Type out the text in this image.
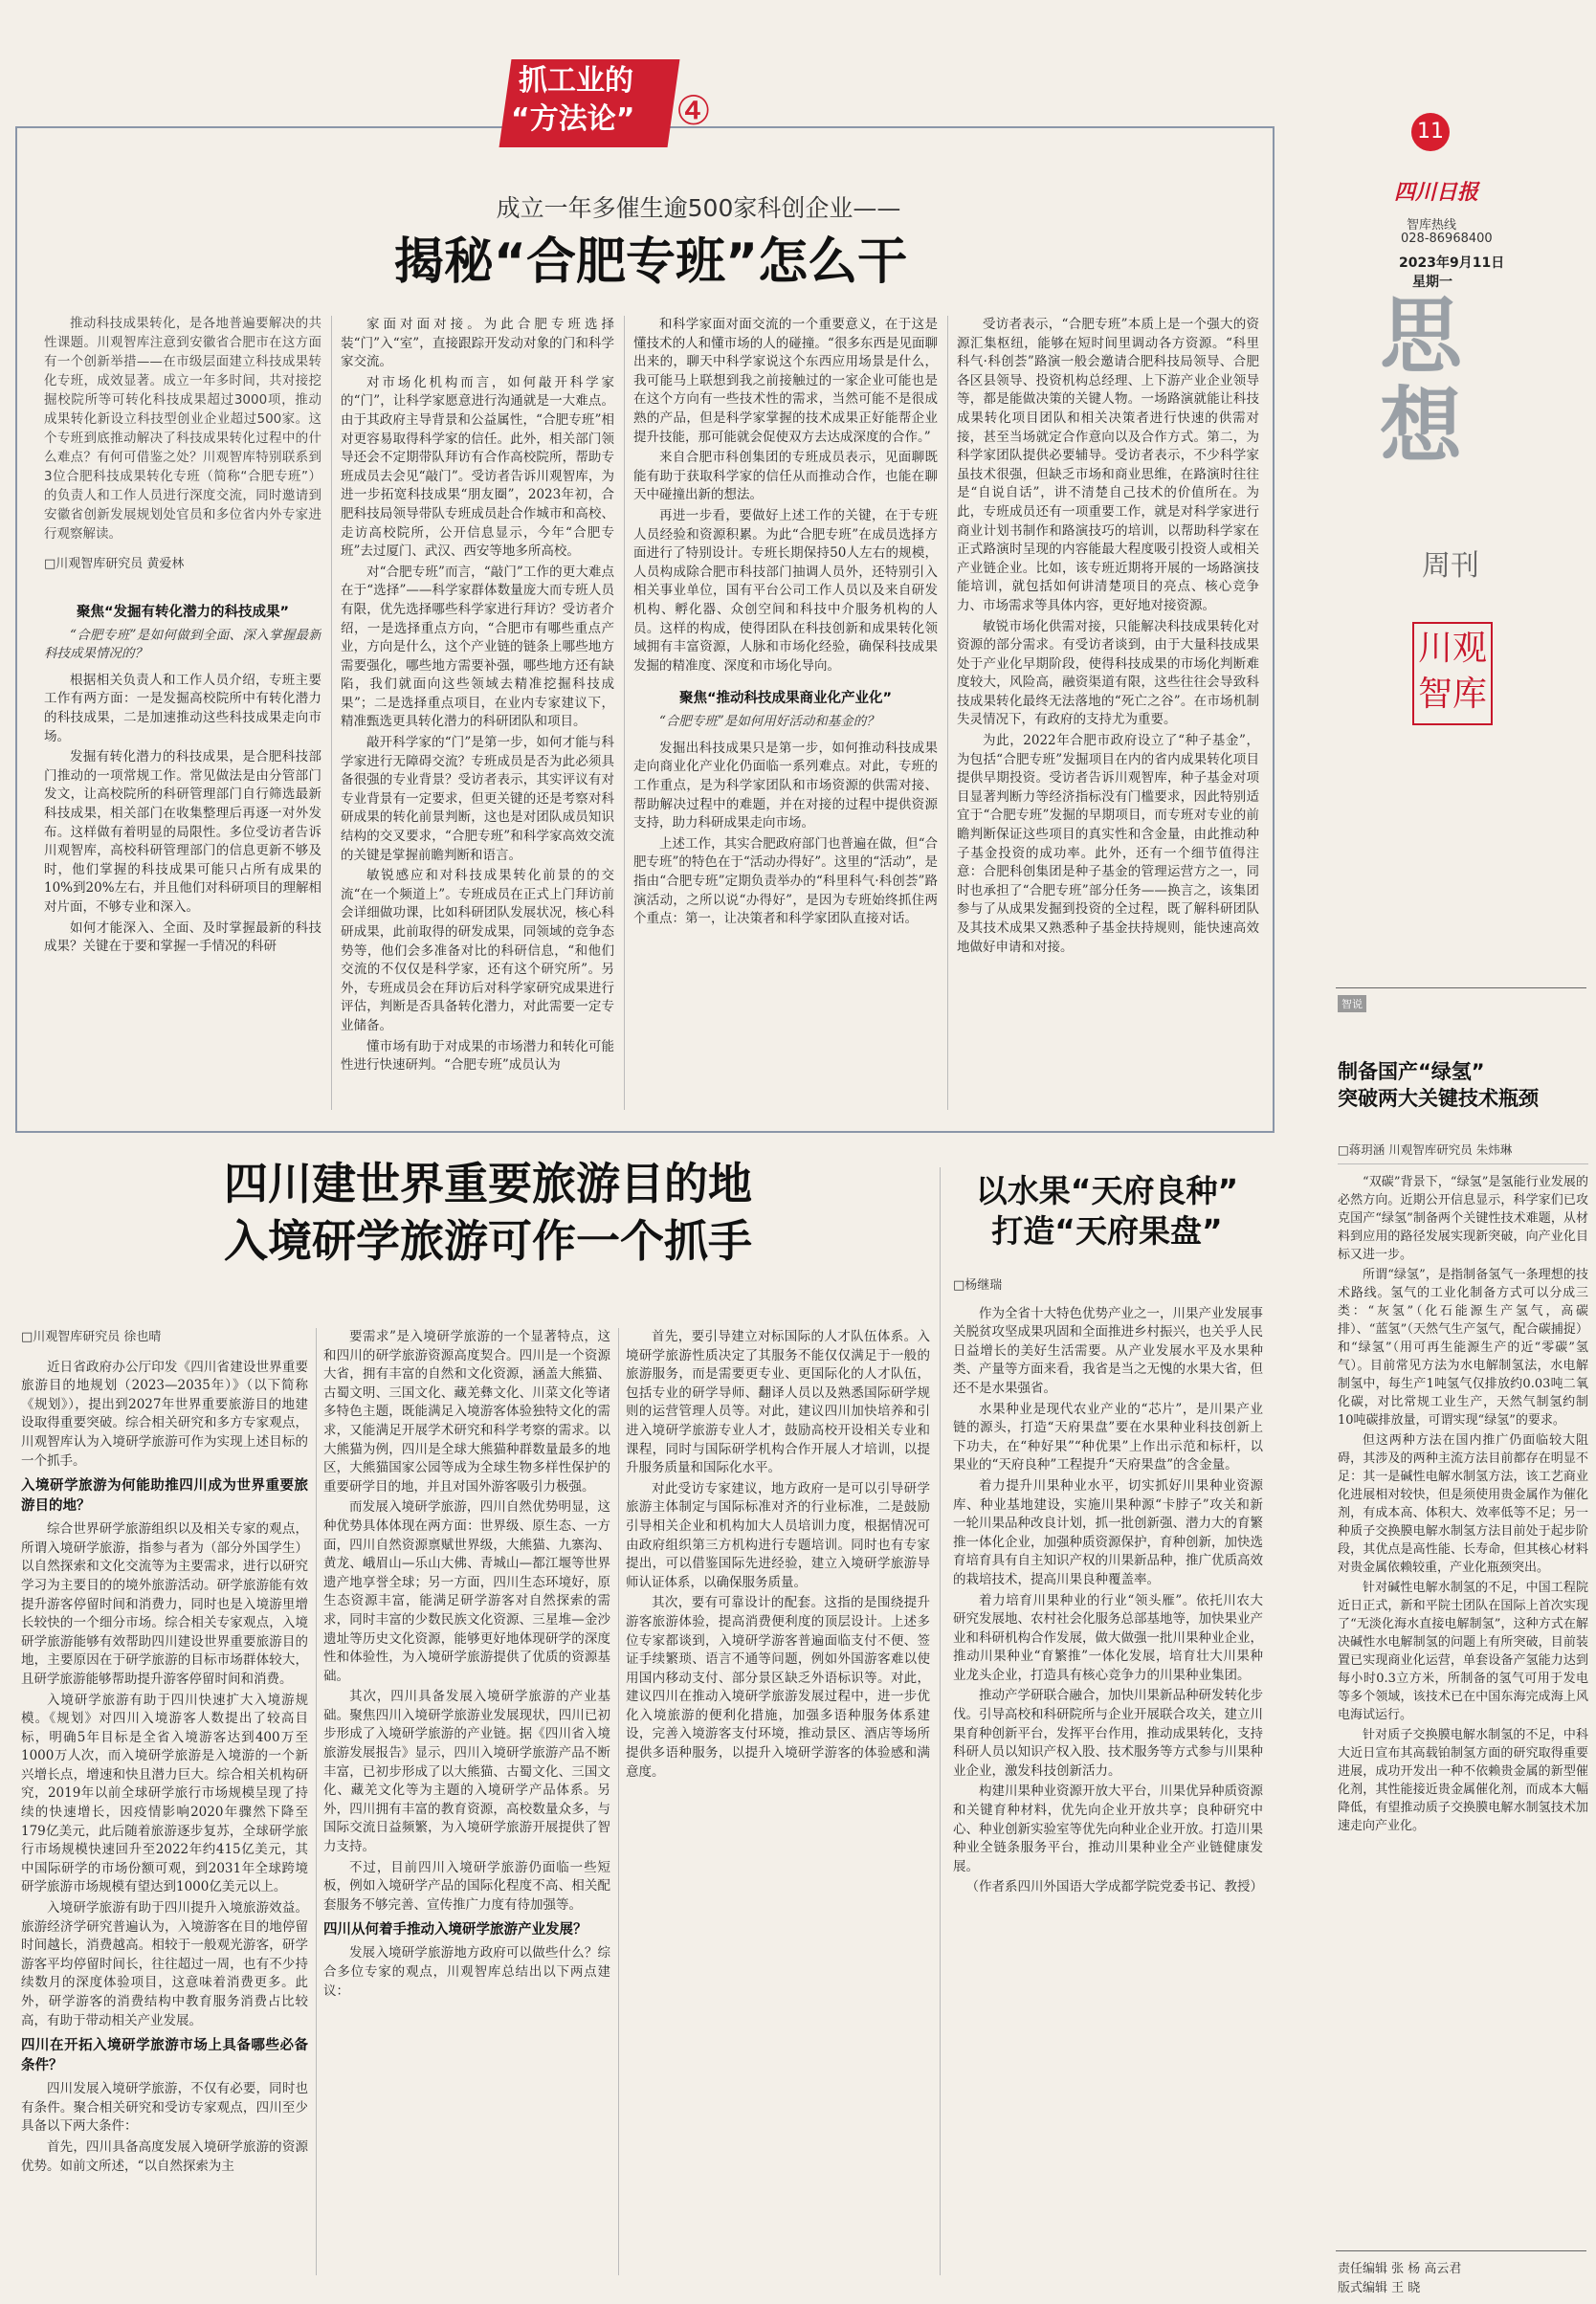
抓工业的
“方法论” ④	11
四川日报
智库热线
028-86968400
2023年9月11日
星期一
思
想
周刊
川观
智库
成立一年多催生逾500家科创企业——
揭秘“合肥专班”怎么干
推动科技成果转化，是各地普遍要解决的共性课题。川观智库注意到安徽省合肥市在这方面有一个创新举措——在市级层面建立科技成果转化专班，成效显著。成立一年多时间，共对接挖掘校院所等可转化科技成果超过3000项，推动成果转化新设立科技型创业企业超过500家。这个专班到底推动解决了科技成果转化过程中的什么难点？有何可借鉴之处？川观智库特别联系到3位合肥科技成果转化专班（简称“合肥专班”）的负责人和工作人员进行深度交流，同时邀请到安徽省创新发展规划处官员和多位省内外专家进行观察解读。
□川观智库研究员 黄爱林
聚焦“发掘有转化潜力的科技成果”
“合肥专班”是如何做到全面、深入掌握最新科技成果情况的？

根据相关负责人和工作人员介绍，专班主要工作有两方面：一是发掘高校院所中有转化潜力的科技成果，二是加速推动这些科技成果走向市场。

发掘有转化潜力的科技成果，是合肥科技部门推动的一项常规工作。常见做法是由分管部门发文，让高校院所的科研管理部门自行筛选最新科技成果，相关部门在收集整理后再逐一对外发布。这样做有着明显的局限性。多位受访者告诉川观智库，高校科研管理部门的信息更新不够及时，他们掌握的科技成果可能只占所有成果的10%到20%左右，并且他们对科研项目的理解相对片面，不够专业和深入。

如何才能深入、全面、及时掌握最新的科技成果？关键在于要和掌握一手情况的科研

家面对面对接。为此合肥专班选择装“门”入“室”，直接跟踪开发动对象的门和科学家交流。

对市场化机构而言，如何敲开科学家的“门”，让科学家愿意进行沟通就是一大难点。由于其政府主导背景和公益属性，“合肥专班”相对更容易取得科学家的信任。此外，相关部门领导还会不定期带队拜访有合作高校院所，帮助专班成员去会见“敲门”。受访者告诉川观智库，为进一步拓宽科技成果“朋友圈”，2023年初，合肥科技局领导带队专班成员赴合作城市和高校、走访高校院所，公开信息显示，今年“合肥专班”去过厦门、武汉、西安等地多所高校。

对“合肥专班”而言，“敲门”工作的更大难点在于“选择”——科学家群体数量庞大而专班人员有限，优先选择哪些科学家进行拜访？受访者介绍，一是选择重点方向，“合肥市有哪些重点产业，方向是什么，这个产业链的链条上哪些地方需要强化，哪些地方需要补强，哪些地方还有缺陷，我们就面向这些领域去精准挖掘科技成果”；二是选择重点项目，在业内专家建议下，精准甄选更具转化潜力的科研团队和项目。

敲开科学家的“门”是第一步，如何才能与科学家进行无障碍交流？专班成员是否为此必须具备很强的专业背景？受访者表示，其实评议有对专业背景有一定要求，但更关键的还是考察对科研成果的转化前景判断，这也是对团队成员知识结构的交叉要求，“合肥专班”和科学家高效交流的关键是掌握前瞻判断和语言。

敏锐感应和对科技成果转化前景的的交流“在一个频道上”。专班成员在正式上门拜访前会详细做功课，比如科研团队发展状况，核心科研成果，此前取得的研发成果，同领域的竞争态势等，他们会多准备对比的科研信息，“和他们交流的不仅仅是科学家，还有这个研究所”。另外，专班成员会在拜访后对科学家研究成果进行评估，判断是否具备转化潜力，对此需要一定专业储备。

懂市场有助于对成果的市场潜力和转化可能性进行快速研判。“合肥专班”成员认为

和科学家面对面交流的一个重要意义，在于这是懂技术的人和懂市场的人的碰撞。“很多东西是见面聊出来的，聊天中科学家说这个东西应用场景是什么，我可能马上联想到我之前接触过的一家企业可能也是在这个方向有一些技术性的需求，当然可能不是很成熟的产品，但是科学家掌握的技术成果正好能帮企业提升技能，那可能就会促使双方去达成深度的合作。”

来自合肥市科创集团的专班成员表示，见面聊既能有助于获取科学家的信任从而推动合作，也能在聊天中碰撞出新的想法。

再进一步看，要做好上述工作的关键，在于专班人员经验和资源积累。为此“合肥专班”在成员选择方面进行了特别设计。专班长期保持50人左右的规模，人员构成除合肥市科技部门抽调人员外，还特别引入相关事业单位，国有平台公司工作人员以及来自研发机构、孵化器、众创空间和科技中介服务机构的人员。这样的构成，使得团队在科技创新和成果转化领域拥有丰富资源，人脉和市场化经验，确保科技成果发掘的精准度、深度和市场化导向。

聚焦“推动科技成果商业化产业化”
“合肥专班”是如何用好活动和基金的？

发掘出科技成果只是第一步，如何推动科技成果走向商业化产业化仍面临一系列难点。对此，专班的工作重点，是为科学家团队和市场资源的供需对接、帮助解决过程中的难题，并在对接的过程中提供资源支持，助力科研成果走向市场。

上述工作，其实合肥政府部门也普遍在做，但“合肥专班”的特色在于“活动办得好”。这里的“活动”，是指由“合肥专班”定期负责举办的“科里科气·科创荟”路演活动，之所以说“办得好”，是因为专班始终抓住两个重点：第一，让决策者和科学家团队直接对话。

受访者表示，“合肥专班”本质上是一个强大的资源汇集枢纽，能够在短时间里调动各方资源。“科里科气·科创荟”路演一般会邀请合肥科技局领导、合肥各区县领导、投资机构总经理、上下游产业企业领导等，都是能做决策的关键人物。一场路演就能让科技成果转化项目团队和相关决策者进行快速的供需对接，甚至当场就定合作意向以及合作方式。第二，为科学家团队提供必要辅导。受访者表示，不少科学家虽技术很强，但缺乏市场和商业思维，在路演时往往是“自说自话”，讲不清楚自己技术的价值所在。为此，专班成员还有一项重要工作，就是对科学家进行商业计划书制作和路演技巧的培训，以帮助科学家在正式路演时呈现的内容能最大程度吸引投资人或相关产业链企业。比如，该专班近期将开展的一场路演技能培训，就包括如何讲清楚项目的亮点、核心竞争力、市场需求等具体内容，更好地对接资源。

敏锐市场化供需对接，只能解决科技成果转化对资源的部分需求。有受访者谈到，由于大量科技成果处于产业化早期阶段，使得科技成果的市场化判断难度较大，风险高，融资渠道有限，这些往往会导致科技成果转化最终无法落地的“死亡之谷”。在市场机制失灵情况下，有政府的支持尤为重要。

为此，2022年合肥市政府设立了“种子基金”，为包括“合肥专班”发掘项目在内的省内成果转化项目提供早期投资。受访者告诉川观智库，种子基金对项目显著判断力等经济指标没有门槛要求，因此特别适宜于“合肥专班”发掘的早期项目，而专班对专业的前瞻判断保证这些项目的真实性和含金量，由此推动种子基金投资的成功率。此外，还有一个细节值得注意：合肥科创集团是种子基金的管理运营方之一，同时也承担了“合肥专班”部分任务——换言之，该集团参与了从成果发掘到投资的全过程，既了解科研团队及其技术成果又熟悉种子基金扶持规则，能快速高效地做好申请和对接。

四川建世界重要旅游目的地
入境研学旅游可作一个抓手
□川观智库研究员 徐也晴

近日省政府办公厅印发《四川省建设世界重要旅游目的地规划（2023—2035年）》（以下简称《规划》），提出到2027年世界重要旅游目的地建设取得重要突破。综合相关研究和多方专家观点，川观智库认为入境研学旅游可作为实现上述目标的一个抓手。

入境研学旅游为何能助推四川成为世界重要旅游目的地？

综合世界研学旅游组织以及相关专家的观点，所谓入境研学旅游，指参与者为（部分外国学生）以自然探索和文化交流等为主要需求，进行以研究学习为主要目的的境外旅游活动。研学旅游能有效提升游客停留时间和消费力，同时也是入境游里增长较快的一个细分市场。综合相关专家观点，入境研学旅游能够有效帮助四川建设世界重要旅游目的地，主要原因在于研学旅游的目标市场群体较大，且研学旅游能够帮助提升游客停留时间和消费。

入境研学旅游有助于四川快速扩大入境游规模。《规划》对四川入境游客人数提出了较高目标，明确5年目标是全省入境游客达到400万至1000万人次，而入境研学旅游是入境游的一个新兴增长点，增速和快且潜力巨大。综合相关机构研究，2019年以前全球研学旅行市场规模呈现了持续的快速增长，因疫情影响2020年骤然下降至179亿美元，此后随着旅游逐步复苏，全球研学旅行市场规模快速回升至2022年约415亿美元，其中国际研学的市场份额可观，到2031年全球跨境研学旅游市场规模有望达到1000亿美元以上。

入境研学旅游有助于四川提升入境旅游效益。旅游经济学研究普遍认为，入境游客在目的地停留时间越长，消费越高。相较于一般观光游客，研学游客平均停留时间长，往往超过一周，也有不少持续数月的深度体验项目，这意味着消费更多。此外，研学游客的消费结构中教育服务消费占比较高，有助于带动相关产业发展。

四川在开拓入境研学旅游市场上具备哪些必备条件？

四川发展入境研学旅游，不仅有必要，同时也有条件。聚合相关研究和受访专家观点，四川至少具备以下两大条件：

首先，四川具备高度发展入境研学旅游的资源优势。如前文所述，“以自然探索为主

要需求”是入境研学旅游的一个显著特点，这和四川的研学旅游资源高度契合。四川是一个资源大省，拥有丰富的自然和文化资源，涵盖大熊猫、古蜀文明、三国文化、藏羌彝文化、川菜文化等诸多特色主题，既能满足入境游客体验独特文化的需求，又能满足开展学术研究和科学考察的需求。以大熊猫为例，四川是全球大熊猫种群数量最多的地区，大熊猫国家公园等成为全球生物多样性保护的重要研学目的地，并且对国外游客吸引力极强。

而发展入境研学旅游，四川自然优势明显，这种优势具体体现在两方面：世界级、原生态、一方面，四川自然资源禀赋世界级，大熊猫、九寨沟、黄龙、峨眉山—乐山大佛、青城山—都江堰等世界遗产地享誉全球；另一方面，四川生态环境好，原生态资源丰富，能满足研学游客对自然探索的需求，同时丰富的少数民族文化资源、三星堆—金沙遗址等历史文化资源，能够更好地体现研学的深度性和体验性，为入境研学旅游提供了优质的资源基础。

其次，四川具备发展入境研学旅游的产业基础。聚焦四川入境研学旅游业发展现状，四川已初步形成了入境研学旅游的产业链。据《四川省入境旅游发展报告》显示，四川入境研学旅游产品不断丰富，已初步形成了以大熊猫、古蜀文化、三国文化、藏羌文化等为主题的入境研学产品体系。另外，四川拥有丰富的教育资源，高校数量众多，与国际交流日益频繁，为入境研学旅游开展提供了智力支持。

不过，目前四川入境研学旅游仍面临一些短板，例如入境研学产品的国际化程度不高、相关配套服务不够完善、宣传推广力度有待加强等。

四川从何着手推动入境研学旅游产业发展？

发展入境研学旅游地方政府可以做些什么？综合多位专家的观点，川观智库总结出以下两点建议：

首先，要引导建立对标国际的人才队伍体系。入境研学旅游性质决定了其服务不能仅仅满足于一般的旅游服务，而是需要更专业、更国际化的人才队伍，包括专业的研学导师、翻译人员以及熟悉国际研学规则的运营管理人员等。对此，建议四川加快培养和引进入境研学旅游专业人才，鼓励高校开设相关专业和课程，同时与国际研学机构合作开展人才培训，以提升服务质量和国际化水平。

对此受访专家建议，地方政府一是可以引导研学旅游主体制定与国际标准对齐的行业标准，二是鼓励引导相关企业和机构加大人员培训力度，根据情况可由政府组织第三方机构进行专题培训。同时也有专家提出，可以借鉴国际先进经验，建立入境研学旅游导师认证体系，以确保服务质量。

其次，要有可靠设计的配套。这指的是围绕提升游客旅游体验，提高消费便利度的顶层设计。上述多位专家都谈到，入境研学游客普遍面临支付不便、签证手续繁琐、语言不通等问题，例如外国游客难以使用国内移动支付、部分景区缺乏外语标识等。对此，建议四川在推动入境研学旅游发展过程中，进一步优化入境旅游的便利化措施，加强多语种服务体系建设，完善入境游客支付环境，推动景区、酒店等场所提供多语种服务，以提升入境研学游客的体验感和满意度。

以水果“天府良种”
打造“天府果盘”
□杨继瑞

作为全省十大特色优势产业之一，川果产业发展事关脱贫攻坚成果巩固和全面推进乡村振兴，也关乎人民日益增长的美好生活需要。从产业发展水平及水果种类、产量等方面来看，我省是当之无愧的水果大省，但还不是水果强省。

水果种业是现代农业产业的“芯片”，是川果产业链的源头，打造“天府果盘”要在水果种业科技创新上下功夫，在“种好果”“种优果”上作出示范和标杆，以果业的“天府良种”工程提升“天府果盘”的含金量。

着力提升川果种业水平，切实抓好川果种业资源库、种业基地建设，实施川果种源“卡脖子”攻关和新一轮川果品种改良计划，抓一批创新强、潜力大的育繁推一体化企业，加强种质资源保护，育种创新，加快选育培育具有自主知识产权的川果新品种，推广优质高效的栽培技术，提高川果良种覆盖率。

着力培育川果种业的行业“领头雁”。依托川农大研究发展地、农村社会化服务总部基地等，加快果业产业和科研机构合作发展，做大做强一批川果种业企业，推动川果种业“育繁推”一体化发展，培育壮大川果种业龙头企业，打造具有核心竞争力的川果种业集团。

推动产学研联合融合，加快川果新品种研发转化步伐。引导高校和科研院所与企业开展联合攻关，建立川果育种创新平台，发挥平台作用，推动成果转化，支持科研人员以知识产权入股、技术服务等方式参与川果种业企业，激发科技创新活力。

构建川果种业资源开放大平台，川果优异种质资源和关键育种材料，优先向企业开放共享；良种研究中心、种业创新实验室等优先向种业企业开放。打造川果种业全链条服务平台，推动川果种业全产业链健康发展。

（作者系四川外国语大学成都学院党委书记、教授）

智说
制备国产“绿氢”
突破两大关键技术瓶颈
□蒋玥涵 川观智库研究员 朱炜琳

“双碳”背景下，“绿氢”是氢能行业发展的必然方向。近期公开信息显示，科学家们已攻克国产“绿氢”制备两个关键性技术难题，从材料到应用的路径发展实现新突破，向产业化目标又进一步。

所谓“绿氢”，是指制备氢气一条理想的技术路线。氢气的工业化制备方式可以分成三类：“灰氢”（化石能源生产氢气，高碳排）、“蓝氢”（天然气生产氢气，配合碳捕捉）和“绿氢”（用可再生能源生产的近“零碳”氢气）。目前常见方法为水电解制氢法，水电解制氢中，每生产1吨氢气仅排放约0.03吨二氧化碳，对比常规工业生产，天然气制氢约制10吨碳排放量，可谓实现“绿氢”的要求。

但这两种方法在国内推广仍面临较大阻碍，其涉及的两种主流方法目前都存在明显不足：其一是碱性电解水制氢方法，该工艺商业化进展相对较快，但是须使用贵金属作为催化剂，有成本高、体积大、效率低等不足；另一种质子交换膜电解水制氢方法目前处于起步阶段，其优点是高性能、长寿命，但其核心材料对贵金属依赖较重，产业化瓶颈突出。

针对碱性电解水制氢的不足，中国工程院近日正式，新和平院士团队在国际上首次实现了“无淡化海水直接电解制氢”，这种方式在解决碱性水电解制氢的问题上有所突破，目前装置已实现商业化运营，单套设备产氢能力达到每小时0.3立方米，所制备的氢气可用于发电等多个领域，该技术已在中国东海完成海上风电海试运行。

针对质子交换膜电解水制氢的不足，中科大近日宣布其高载铂制氢方面的研究取得重要进展，成功开发出一种不依赖贵金属的新型催化剂，其性能接近贵金属催化剂，而成本大幅降低，有望推动质子交换膜电解水制氢技术加速走向产业化。

责任编辑 张 杨 高云君
版式编辑 王 晓
